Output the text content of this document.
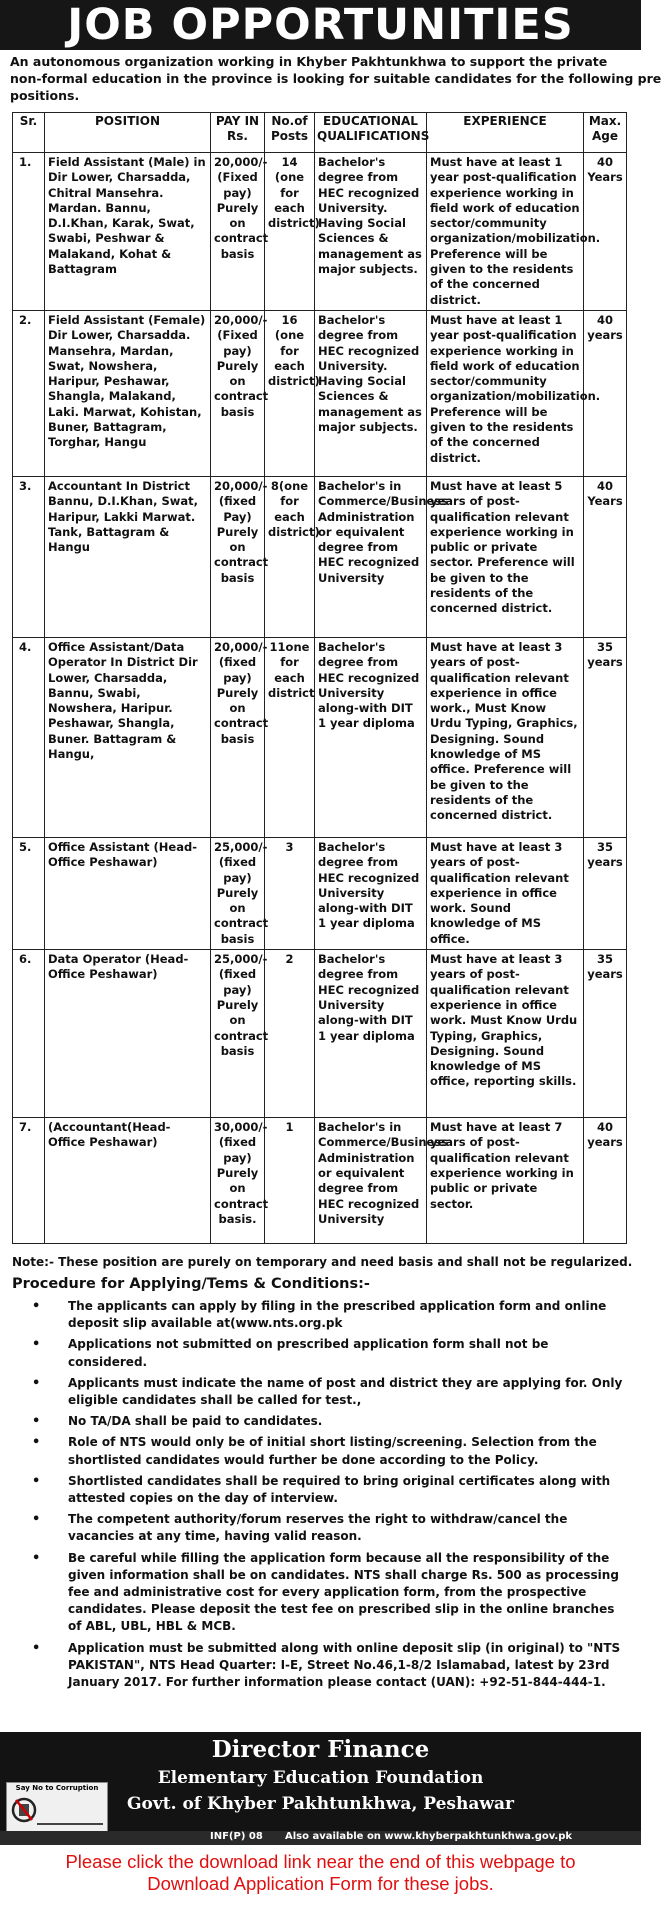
JOB OPPORTUNITIES
An autonomous organization working in Khyber Pakhtunkhwa to support the private
non-formal education in the province is looking for suitable candidates for the following pre
positions.
Sr.	POSITION	PAY IN Rs.	No.of Posts	EDUCATIONAL QUALIFICATIONS	EXPERIENCE	Max. Age
1.	Field Assistant (Male) in Dir Lower, Charsadda, Chitral Mansehra. Mardan. Bannu, D.I.Khan, Karak, Swat, Swabi, Peshwar & Malakand, Kohat & Battagram	20,000/- (Fixed pay) Purely on contract basis	14 (one for each district)	Bachelor's degree from HEC recognized University. Having Social Sciences & management as major subjects.	Must have at least 1 year post-qualification experience working in field work of education sector/community organization/mobilization. Preference will be given to the residents of the concerned district.	40 Years
2.	Field Assistant (Female) Dir Lower, Charsadda. Mansehra, Mardan, Swat, Nowshera, Haripur, Peshawar, Shangla, Malakand, Laki. Marwat, Kohistan, Buner, Battagram, Torghar, Hangu	20,000/- (Fixed pay) Purely on contract basis	16 (one for each district)	Bachelor's degree from HEC recognized University. Having Social Sciences & management as major subjects.	Must have at least 1 year post-qualification experience working in field work of education sector/community organization/mobilization. Preference will be given to the residents of the concerned district.	40 years
3.	Accountant In District Bannu, D.I.Khan, Swat, Haripur, Lakki Marwat. Tank, Battagram & Hangu	20,000/- (fixed Pay) Purely on contract basis	8(one for each district)	Bachelor's in Commerce/Business Administration or equivalent degree from HEC recognized University	Must have at least 5 years of post-qualification relevant experience working in public or private sector. Preference will be given to the residents of the concerned district.	40 Years
4.	Office Assistant/Data Operator In District Dir Lower, Charsadda, Bannu, Swabi, Nowshera, Haripur. Peshawar, Shangla, Buner. Battagram & Hangu,	20,000/- (fixed pay) Purely on contract basis	11one for each district	Bachelor's degree from HEC recognized University along-with DIT 1 year diploma	Must have at least 3 years of post-qualification relevant experience in office work., Must Know Urdu Typing, Graphics, Designing. Sound knowledge of MS office. Preference will be given to the residents of the concerned district.	35 years
5.	Office Assistant (Head-Office Peshawar)	25,000/- (fixed pay) Purely on contract basis	3	Bachelor's degree from HEC recognized University along-with DIT 1 year diploma	Must have at least 3 years of post-qualification relevant experience in office work. Sound knowledge of MS office.	35 years
6.	Data Operator (Head-Office Peshawar)	25,000/- (fixed pay) Purely on contract basis	2	Bachelor's degree from HEC recognized University along-with DIT 1 year diploma	Must have at least 3 years of post-qualification relevant experience in office work. Must Know Urdu Typing, Graphics, Designing. Sound knowledge of MS office, reporting skills.	35 years
7.	(Accountant(Head-Office Peshawar)	30,000/- (fixed pay) Purely on contract basis.	1	Bachelor's in Commerce/Business Administration or equivalent degree from HEC recognized University	Must have at least 7 years of post-qualification relevant experience working in public or private sector.	40 years
Note:- These position are purely on temporary and need basis and shall not be regularized.
Procedure for Applying/Tems & Conditions:-
• The applicants can apply by filing in the prescribed application form and online deposit slip available at(www.nts.org.pk
• Applications not submitted on prescribed application form shall not be considered.
• Applicants must indicate the name of post and district they are applying for. Only eligible candidates shall be called for test.,
• No TA/DA shall be paid to candidates.
• Role of NTS would only be of initial short listing/screening. Selection from the shortlisted candidates would further be done according to the Policy.
• Shortlisted candidates shall be required to bring original certificates along with attested copies on the day of interview.
• The competent authority/forum reserves the right to withdraw/cancel the vacancies at any time, having valid reason.
• Be careful while filling the application form because all the responsibility of the given information shall be on candidates. NTS shall charge Rs. 500 as processing fee and administrative cost for every application form, from the prospective candidates. Please deposit the test fee on prescribed slip in the online branches of ABL, UBL, HBL & MCB.
• Application must be submitted along with online deposit slip (in original) to "NTS PAKISTAN", NTS Head Quarter: I-E, Street No.46,1-8/2 Islamabad, latest by 23rd January 2017. For further information please contact (UAN): +92-51-844-444-1.
Director Finance
Elementary Education Foundation
Govt. of Khyber Pakhtunkhwa, Peshawar
Say No to Corruption
INF(P) 08 Also available on www.khyberpakhtunkhwa.gov.pk
Please click the download link near the end of this webpage to
Download Application Form for these jobs.
